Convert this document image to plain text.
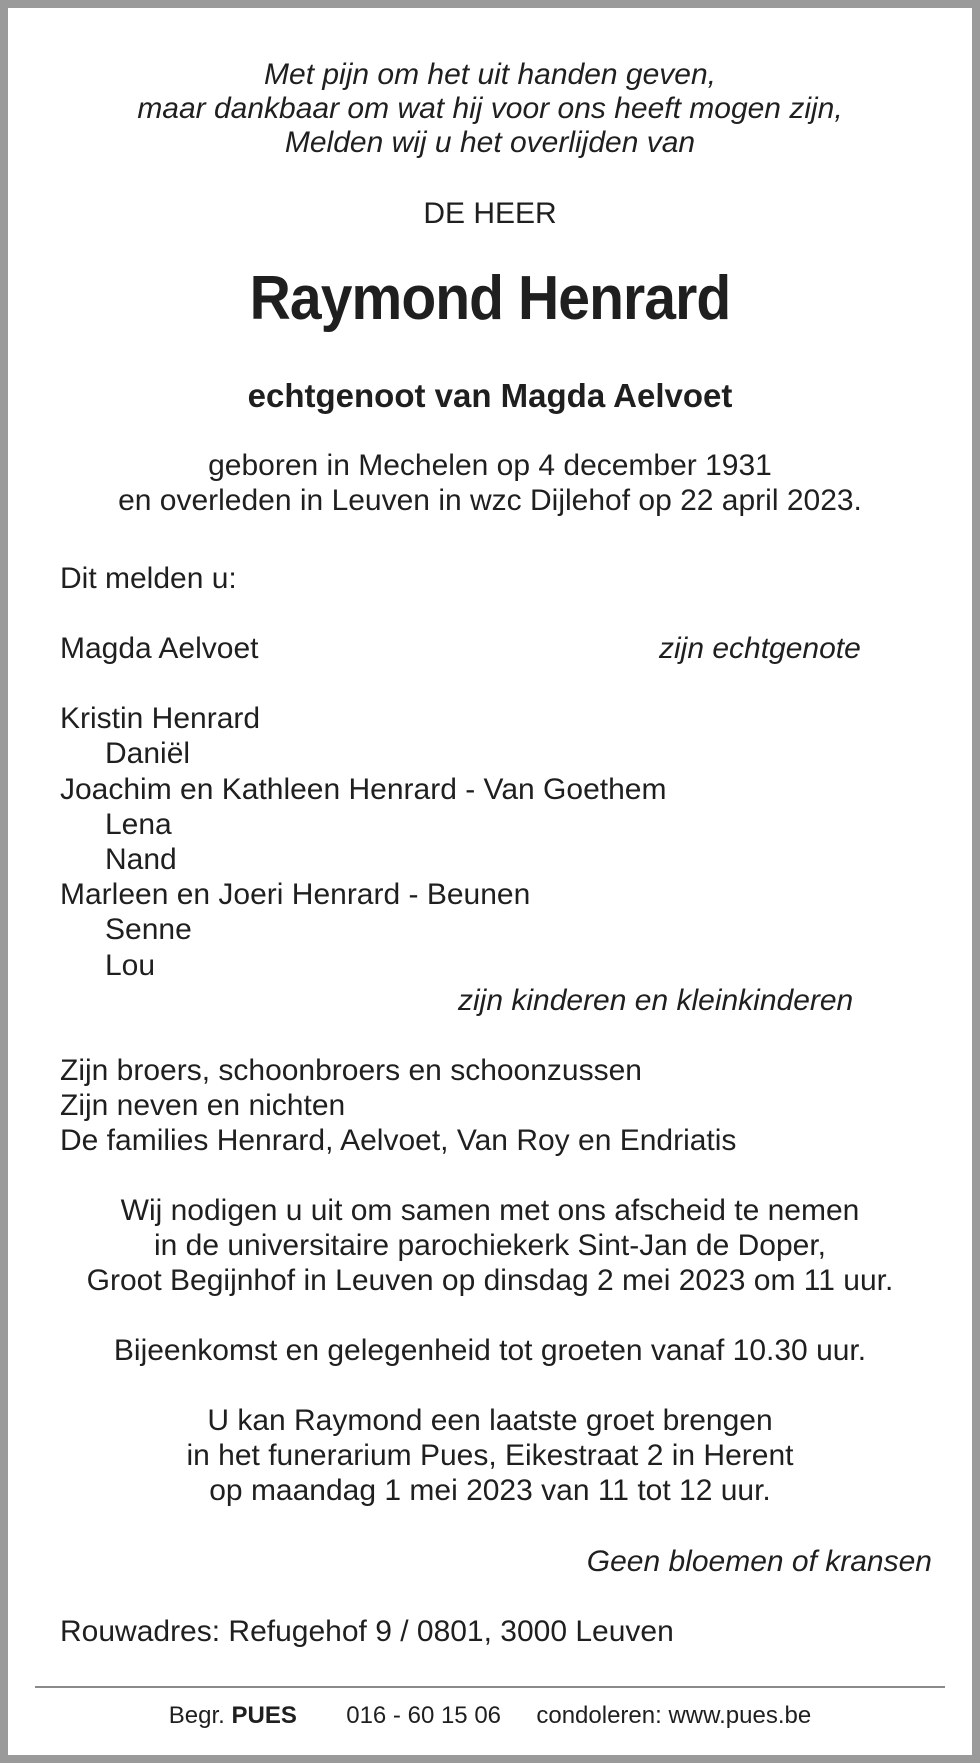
Met pijn om het uit handen geven,
maar dankbaar om wat hij voor ons heeft mogen zijn,
Melden wij u het overlijden van
DE HEER
Raymond Henrard
echtgenoot van Magda Aelvoet
geboren in Mechelen op 4 december 1931
en overleden in Leuven in wzc Dijlehof op 22 april 2023.
Dit melden u:
Magda Aelvoet	zijn echtgenote
Kristin Henrard
Daniël
Joachim en Kathleen Henrard - Van Goethem
Lena
Nand
Marleen en Joeri Henrard - Beunen
Senne
Lou
zijn kinderen en kleinkinderen
Zijn broers, schoonbroers en schoonzussen
Zijn neven en nichten
De families Henrard, Aelvoet, Van Roy en Endriatis
Wij nodigen u uit om samen met ons afscheid te nemen
in de universitaire parochiekerk Sint-Jan de Doper,
Groot Begijnhof in Leuven op dinsdag 2 mei 2023 om 11 uur.
Bijeenkomst en gelegenheid tot groeten vanaf 10.30 uur.
U kan Raymond een laatste groet brengen
in het funerarium Pues, Eikestraat 2 in Herent
op maandag 1 mei 2023 van 11 tot 12 uur.
Geen bloemen of kransen
Rouwadres: Refugehof 9 / 0801, 3000 Leuven
Begr. PUES 016 - 60 15 06 condoleren: www.pues.be
